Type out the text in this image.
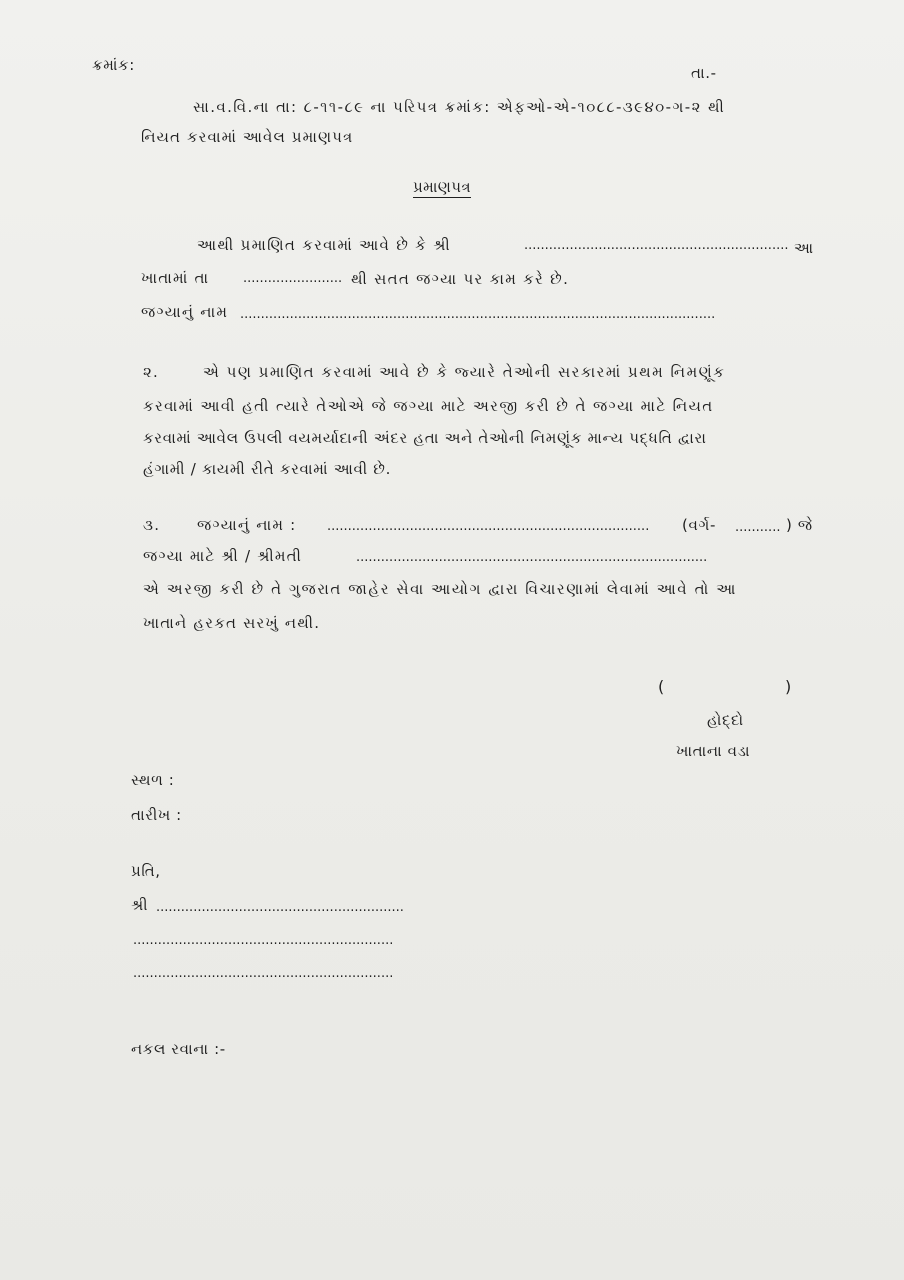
ક્રમાંક:	તા.-
સા.વ.વિ.ના તા: ૮-૧૧-૮૯ ના પરિપત્ર ક્રમાંક: એફઓ-એ-૧૦૮૮-૩૯૪૦-ગ-૨ થી
નિયત કરવામાં આવેલ પ્રમાણપત્ર
પ્રમાણપત્ર
આથી પ્રમાણિત કરવામાં આવે છે કે શ્રી	................................................................ આ
ખાતામાં તા	........................ થી સતત જગ્યા પર કામ કરે છે.
જગ્યાનું નામ ...................................................................................................................
૨.	એ પણ પ્રમાણિત કરવામાં આવે છે કે જ્યારે તેઓની સરકારમાં પ્રથમ નિમણૂંક
કરવામાં આવી હતી ત્યારે તેઓએ જે જગ્યા માટે અરજી કરી છે તે જગ્યા માટે નિયત
કરવામાં આવેલ ઉપલી વયમર્યાદાની અંદર હતા અને તેઓની નિમણૂંક માન્ય પદ્ધતિ દ્વારા
હંગામી / કાયમી રીતે કરવામાં આવી છે.
૩. જગ્યાનું નામ : .............................................................................. (વર્ગ- ........... ) જે
જગ્યા માટે શ્રી / શ્રીમતી	.....................................................................................
એ અરજી કરી છે તે ગુજરાત જાહેર સેવા આયોગ દ્વારા વિચારણામાં લેવામાં આવે તો આ
ખાતાને હરકત સરખું નથી.
(	)
હોદ્દો
ખાતાના વડા
સ્થળ :
તારીખ :
પ્રતિ,
શ્રી ............................................................
...............................................................
...............................................................
નકલ રવાના :-
